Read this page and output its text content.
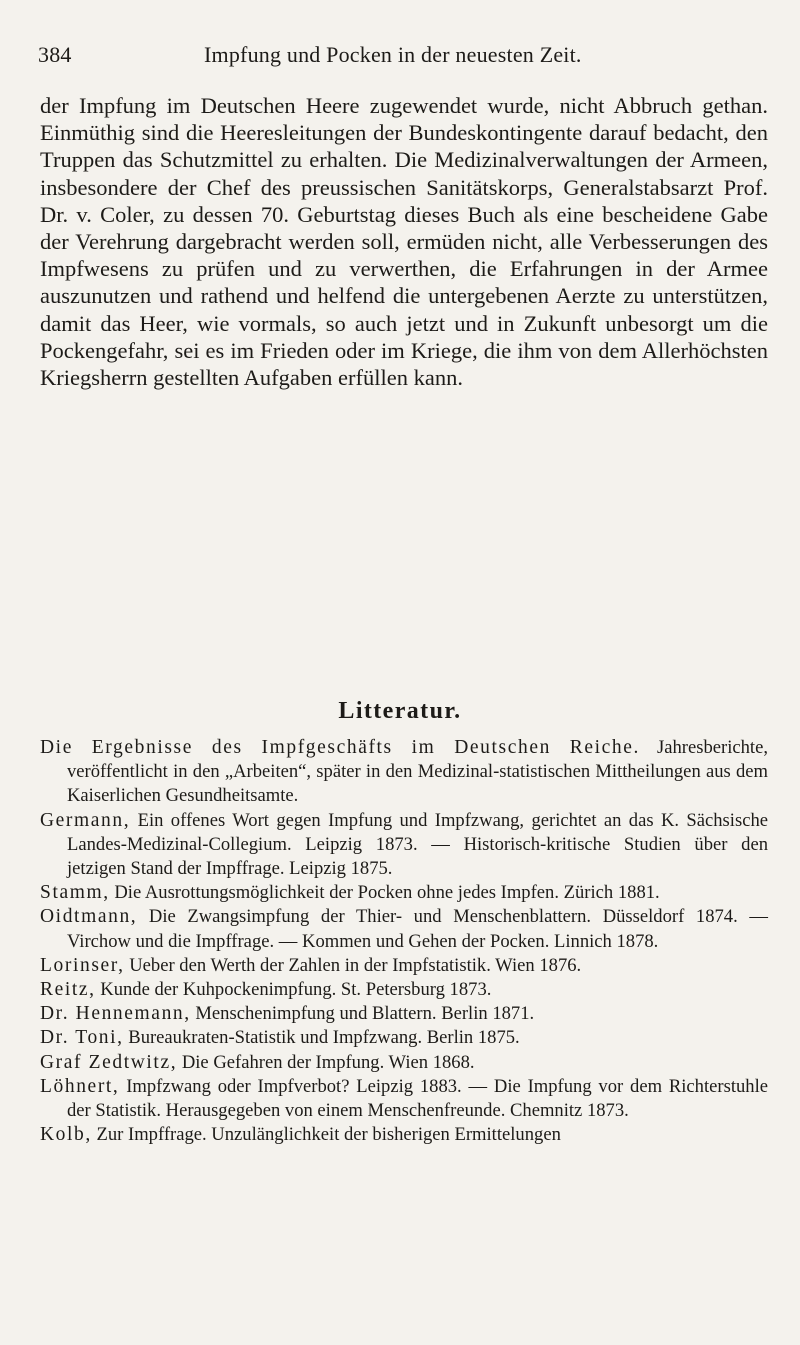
384	Impfung und Pocken in der neuesten Zeit.

der Impfung im Deutschen Heere zugewendet wurde, nicht Abbruch gethan. Einmüthig sind die Heeresleitungen der Bundeskontingente darauf bedacht, den Truppen das Schutzmittel zu erhalten. Die Medizinalverwaltungen der Armeen, insbesondere der Chef des preussischen Sanitätskorps, Generalstabsarzt Prof. Dr. v. Coler, zu dessen 70. Geburtstag dieses Buch als eine bescheidene Gabe der Verehrung dargebracht werden soll, ermüden nicht, alle Verbesserungen des Impfwesens zu prüfen und zu verwerthen, die Erfahrungen in der Armee auszunutzen und rathend und helfend die untergebenen Aerzte zu unterstützen, damit das Heer, wie vormals, so auch jetzt und in Zukunft unbesorgt um die Pockengefahr, sei es im Frieden oder im Kriege, die ihm von dem Allerhöchsten Kriegsherrn gestellten Aufgaben erfüllen kann.

Litteratur.
Die Ergebnisse des Impfgeschäfts im Deutschen Reiche. Jahresberichte, veröffentlicht in den „Arbeiten“, später in den Medizinal-statistischen Mittheilungen aus dem Kaiserlichen Gesundheitsamte.
Germann, Ein offenes Wort gegen Impfung und Impfzwang, gerichtet an das K. Sächsische Landes-Medizinal-Collegium. Leipzig 1873. — Historisch-kritische Studien über den jetzigen Stand der Impffrage. Leipzig 1875.
Stamm, Die Ausrottungsmöglichkeit der Pocken ohne jedes Impfen. Zürich 1881.
Oidtmann, Die Zwangsimpfung der Thier- und Menschenblattern. Düsseldorf 1874. — Virchow und die Impffrage. — Kommen und Gehen der Pocken. Linnich 1878.
Lorinser, Ueber den Werth der Zahlen in der Impfstatistik. Wien 1876.
Reitz, Kunde der Kuhpockenimpfung. St. Petersburg 1873.
Dr. Hennemann, Menschenimpfung und Blattern. Berlin 1871.
Dr. Toni, Bureaukraten-Statistik und Impfzwang. Berlin 1875.
Graf Zedtwitz, Die Gefahren der Impfung. Wien 1868.
Löhnert, Impfzwang oder Impfverbot? Leipzig 1883. — Die Impfung vor dem Richterstuhle der Statistik. Herausgegeben von einem Menschenfreunde. Chemnitz 1873.
Kolb, Zur Impffrage. Unzulänglichkeit der bisherigen Ermittelungen
